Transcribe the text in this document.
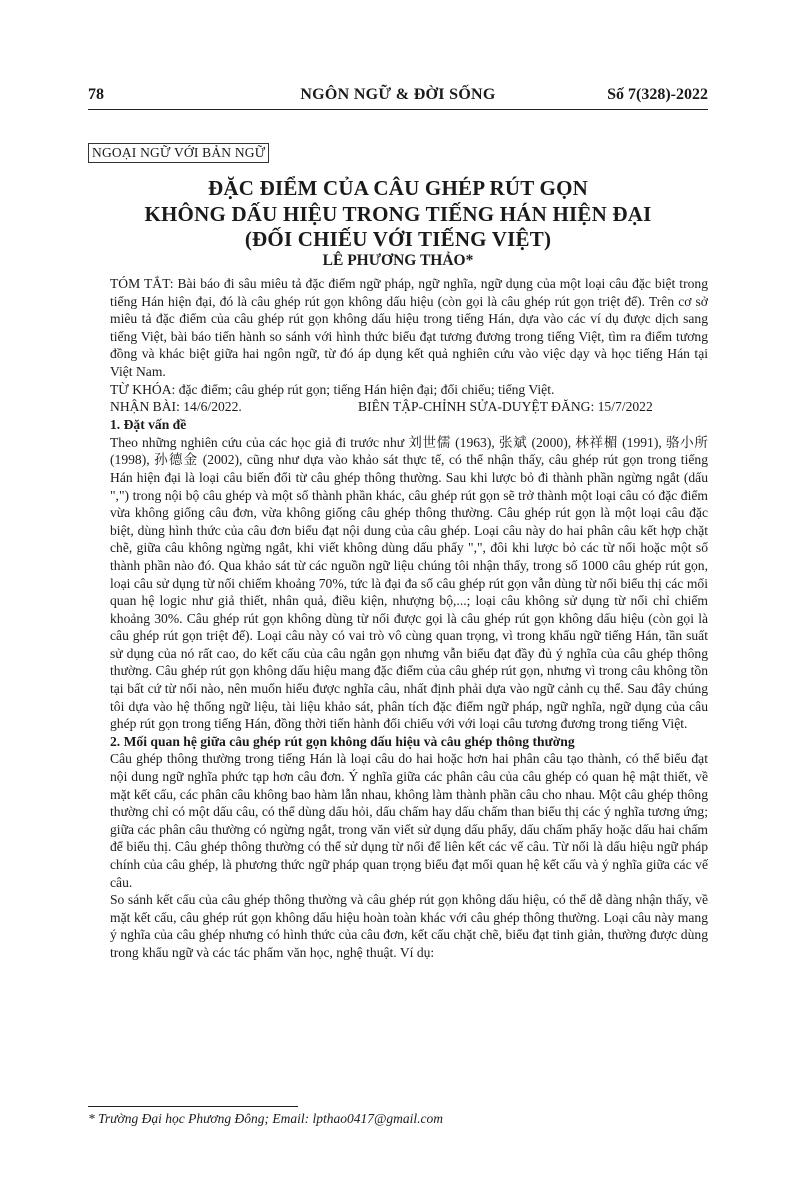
78	NGÔN NGỮ & ĐỜI SỐNG	Số 7(328)-2022
NGOẠI NGỮ VỚI BẢN NGỮ
ĐẶC ĐIỂM CỦA CÂU GHÉP RÚT GỌN
KHÔNG DẤU HIỆU TRONG TIẾNG HÁN HIỆN ĐẠI
(ĐỐI CHIẾU VỚI TIẾNG VIỆT)
LÊ PHƯƠNG THẢO*

TÓM TẮT: Bài báo đi sâu miêu tả đặc điểm ngữ pháp, ngữ nghĩa, ngữ dụng của một loại câu đặc biệt trong tiếng Hán hiện đại, đó là câu ghép rút gọn không dấu hiệu (còn gọi là câu ghép rút gọn triệt để). Trên cơ sở miêu tả đặc điểm của câu ghép rút gọn không dấu hiệu trong tiếng Hán, dựa vào các ví dụ được dịch sang tiếng Việt, bài báo tiến hành so sánh với hình thức biểu đạt tương đương trong tiếng Việt, tìm ra điểm tương đồng và khác biệt giữa hai ngôn ngữ, từ đó áp dụng kết quả nghiên cứu vào việc dạy và học tiếng Hán tại Việt Nam.

TỪ KHÓA: đặc điểm; câu ghép rút gọn; tiếng Hán hiện đại; đối chiếu; tiếng Việt.

NHẬN BÀI: 14/6/2022.	BIÊN TẬP-CHỈNH SỬA-DUYỆT ĐĂNG: 15/7/2022

1. Đặt vấn đề

Theo những nghiên cứu của các học giả đi trước như 刘世儒 (1963), 张斌 (2000), 林祥楣 (1991), 骆小所 (1998), 孙德金 (2002), cũng như dựa vào khảo sát thực tế, có thể nhận thấy, câu ghép rút gọn trong tiếng Hán hiện đại là loại câu biến đổi từ câu ghép thông thường. Sau khi lược bỏ đi thành phần ngừng ngắt (dấu ",") trong nội bộ câu ghép và một số thành phần khác, câu ghép rút gọn sẽ trở thành một loại câu có đặc điểm vừa không giống câu đơn, vừa không giống câu ghép thông thường. Câu ghép rút gọn là một loại câu đặc biệt, dùng hình thức của câu đơn biểu đạt nội dung của câu ghép. Loại câu này do hai phân câu kết hợp chặt chẽ, giữa câu không ngừng ngắt, khi viết không dùng dấu phẩy ",", đôi khi lược bỏ các từ nối hoặc một số thành phần nào đó. Qua khảo sát từ các nguồn ngữ liệu chúng tôi nhận thấy, trong số 1000 câu ghép rút gọn, loại câu sử dụng từ nối chiếm khoảng 70%, tức là đại đa số câu ghép rút gọn vẫn dùng từ nối biểu thị các mối quan hệ logic như giả thiết, nhân quả, điều kiện, nhượng bộ,...; loại câu không sử dụng từ nối chỉ chiếm khoảng 30%. Câu ghép rút gọn không dùng từ nối được gọi là câu ghép rút gọn không dấu hiệu (còn gọi là câu ghép rút gọn triệt để). Loại câu này có vai trò vô cùng quan trọng, vì trong khẩu ngữ tiếng Hán, tần suất sử dụng của nó rất cao, do kết cấu của câu ngắn gọn nhưng vẫn biểu đạt đầy đủ ý nghĩa của câu ghép thông thường. Câu ghép rút gọn không dấu hiệu mang đặc điểm của câu ghép rút gọn, nhưng vì trong câu không tồn tại bất cứ từ nối nào, nên muốn hiểu được nghĩa câu, nhất định phải dựa vào ngữ cảnh cụ thể. Sau đây chúng tôi dựa vào hệ thống ngữ liệu, tài liệu khảo sát, phân tích đặc điểm ngữ pháp, ngữ nghĩa, ngữ dụng của câu ghép rút gọn trong tiếng Hán, đồng thời tiến hành đối chiếu với với loại câu tương đương trong tiếng Việt.

2. Mối quan hệ giữa câu ghép rút gọn không dấu hiệu và câu ghép thông thường

Câu ghép thông thường trong tiếng Hán là loại câu do hai hoặc hơn hai phân câu tạo thành, có thể biểu đạt nội dung ngữ nghĩa phức tạp hơn câu đơn. Ý nghĩa giữa các phân câu của câu ghép có quan hệ mật thiết, về mặt kết cấu, các phân câu không bao hàm lẫn nhau, không làm thành phần câu cho nhau. Một câu ghép thông thường chỉ có một dấu câu, có thể dùng dấu hỏi, dấu chấm hay dấu chấm than biểu thị các ý nghĩa tương ứng; giữa các phân câu thường có ngừng ngắt, trong văn viết sử dụng dấu phẩy, dấu chấm phẩy hoặc dấu hai chấm để biểu thị. Câu ghép thông thường có thể sử dụng từ nối để liên kết các vế câu. Từ nối là dấu hiệu ngữ pháp chính của câu ghép, là phương thức ngữ pháp quan trọng biểu đạt mối quan hệ kết cấu và ý nghĩa giữa các vế câu.

So sánh kết cấu của câu ghép thông thường và câu ghép rút gọn không dấu hiệu, có thể dễ dàng nhận thấy, về mặt kết cấu, câu ghép rút gọn không dấu hiệu hoàn toàn khác với câu ghép thông thường. Loại câu này mang ý nghĩa của câu ghép nhưng có hình thức của câu đơn, kết cấu chặt chẽ, biểu đạt tinh giản, thường được dùng trong khẩu ngữ và các tác phẩm văn học, nghệ thuật. Ví dụ:

* Trường Đại học Phương Đông; Email: lpthao0417@gmail.com
